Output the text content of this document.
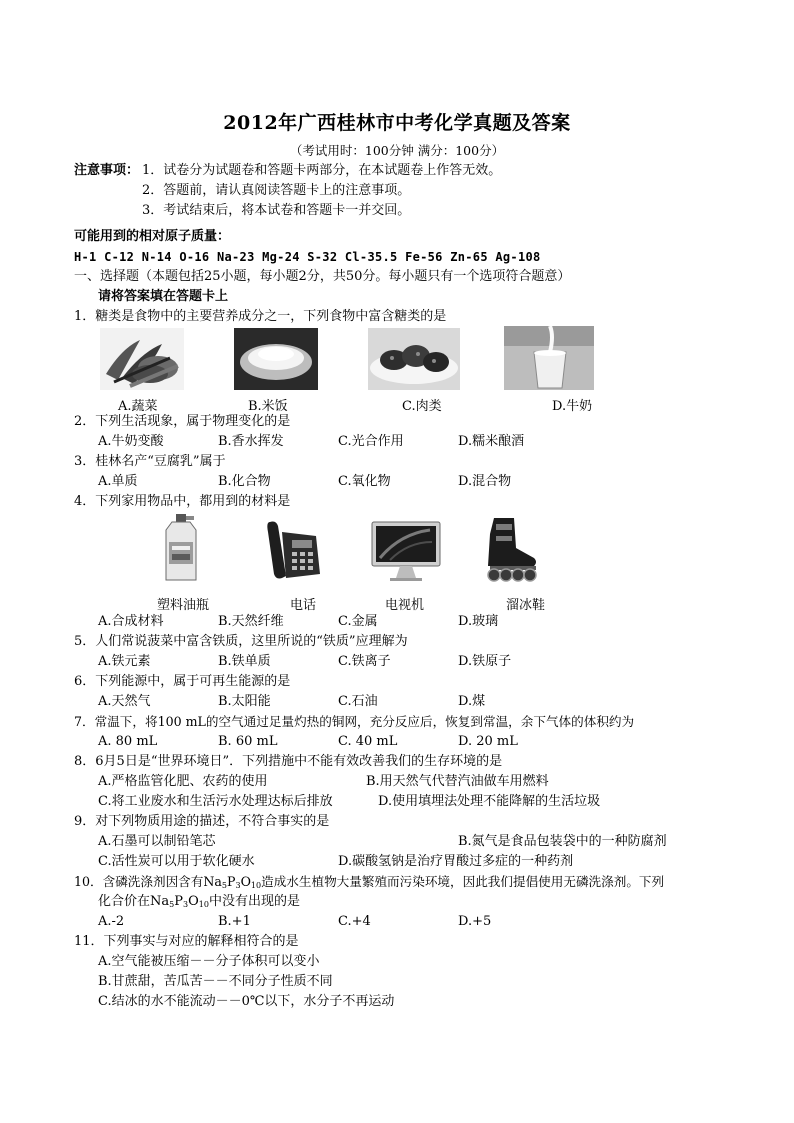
2012年广西桂林市中考化学真题及答案
（考试用时：100分钟 满分：100分）
注意事项： 1．试卷分为试题卷和答题卡两部分，在本试题卷上作答无效。
2．答题前，请认真阅读答题卡上的注意事项。
3．考试结束后，将本试卷和答题卡一并交回。
可能用到的相对原子质量：
H-1 C-12 N-14 O-16 Na-23 Mg-24 S-32 Cl-35.5 Fe-56 Zn-65 Ag-108
一、选择题（本题包括25小题，每小题2分，共50分。每小题只有一个选项符合题意）
请将答案填在答题卡上
1．糖类是食物中的主要营养成分之一，下列食物中富含糖类的是
A.蔬菜	B.米饭	C.肉类	D.牛奶
2．下列生活现象，属于物理变化的是
A.牛奶变酸	B.香水挥发	C.光合作用	D.糯米酿酒
3．桂林名产“豆腐乳”属于
A.单质	B.化合物	C.氧化物	D.混合物
4．下列家用物品中，都用到的材料是
塑料油瓶	电话	电视机	溜冰鞋
A.合成材料	B.天然纤维	C.金属	D.玻璃
5．人们常说菠菜中富含铁质，这里所说的“铁质”应理解为
A.铁元素	B.铁单质	C.铁离子	D.铁原子
6．下列能源中，属于可再生能源的是
A.天然气	B.太阳能	C.石油	D.煤
7．常温下，将100 mL的空气通过足量灼热的铜网，充分反应后，恢复到常温，余下气体的体积约为
A. 80 mL	B. 60 mL	C. 40 mL	D. 20 mL
8．6月5日是“世界环境日”．下列措施中不能有效改善我们的生存环境的是
A.严格监管化肥、农药的使用	B.用天然气代替汽油做车用燃料
C.将工业废水和生活污水处理达标后排放	D.使用填埋法处理不能降解的生活垃圾
9．对下列物质用途的描述，不符合事实的是
A.石墨可以制铅笔芯	B.氮气是食品包装袋中的一种防腐剂
C.活性炭可以用于软化硬水	D.碳酸氢钠是治疗胃酸过多症的一种药剂
10．含磷洗涤剂因含有$Na_5P_3O_{10}$造成水生植物大量繁殖而污染环境，因此我们提倡使用无磷洗涤剂。下列
化合价在$Na_5P_3O_{10}$中没有出现的是
A.-2	B.+1	C.+4	D.+5
11．下列事实与对应的解释相符合的是
A.空气能被压缩－－分子体积可以变小
B.甘蔗甜，苦瓜苦－－不同分子性质不同
C.结冰的水不能流动－－0℃以下，水分子不再运动
